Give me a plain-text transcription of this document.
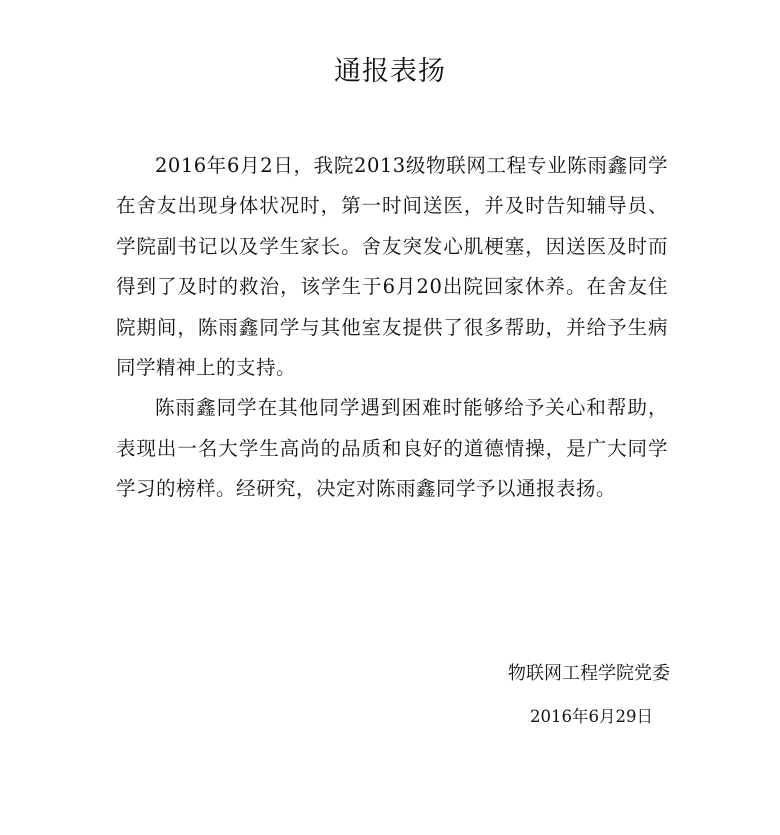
通报表扬

2016年6月2日，我院2013级物联网工程专业陈雨鑫同学在舍友出现身体状况时，第一时间送医，并及时告知辅导员、学院副书记以及学生家长。舍友突发心肌梗塞，因送医及时而得到了及时的救治，该学生于6月20出院回家休养。在舍友住院期间，陈雨鑫同学与其他室友提供了很多帮助，并给予生病同学精神上的支持。

陈雨鑫同学在其他同学遇到困难时能够给予关心和帮助，表现出一名大学生高尚的品质和良好的道德情操，是广大同学学习的榜样。经研究，决定对陈雨鑫同学予以通报表扬。

物联网工程学院党委
2016年6月29日
